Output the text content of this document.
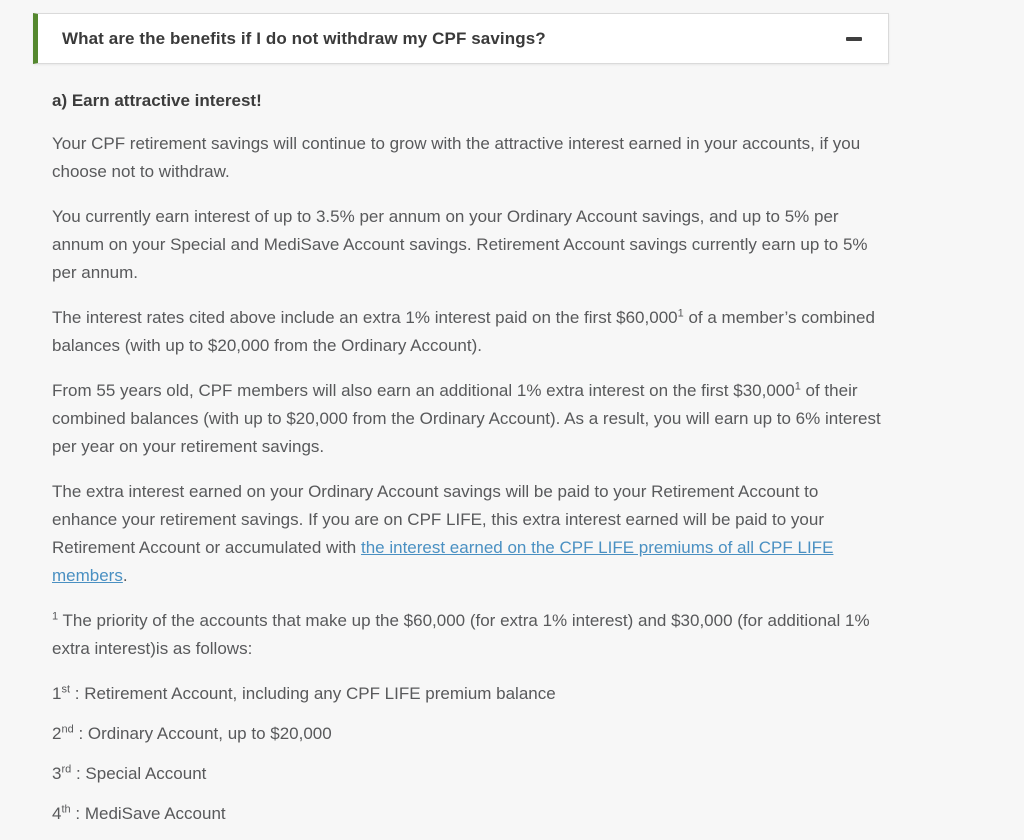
What are the benefits if I do not withdraw my CPF savings?

a) Earn attractive interest!

Your CPF retirement savings will continue to grow with the attractive interest earned in your accounts, if you choose not to withdraw.

You currently earn interest of up to 3.5% per annum on your Ordinary Account savings, and up to 5% per annum on your Special and MediSave Account savings. Retirement Account savings currently earn up to 5% per annum.

The interest rates cited above include an extra 1% interest paid on the first $60,000$^1$ of a member’s combined balances (with up to $20,000 from the Ordinary Account).

From 55 years old, CPF members will also earn an additional 1% extra interest on the first $30,000$^1$ of their combined balances (with up to $20,000 from the Ordinary Account). As a result, you will earn up to 6% interest per year on your retirement savings.

The extra interest earned on your Ordinary Account savings will be paid to your Retirement Account to enhance your retirement savings. If you are on CPF LIFE, this extra interest earned will be paid to your Retirement Account or accumulated with the interest earned on the CPF LIFE premiums of all CPF LIFE members.

$^1$ The priority of the accounts that make up the $60,000 (for extra 1% interest) and $30,000 (for additional 1% extra interest)is as follows:

1st : Retirement Account, including any CPF LIFE premium balance

2nd : Ordinary Account, up to $20,000

3rd : Special Account

4th : MediSave Account
